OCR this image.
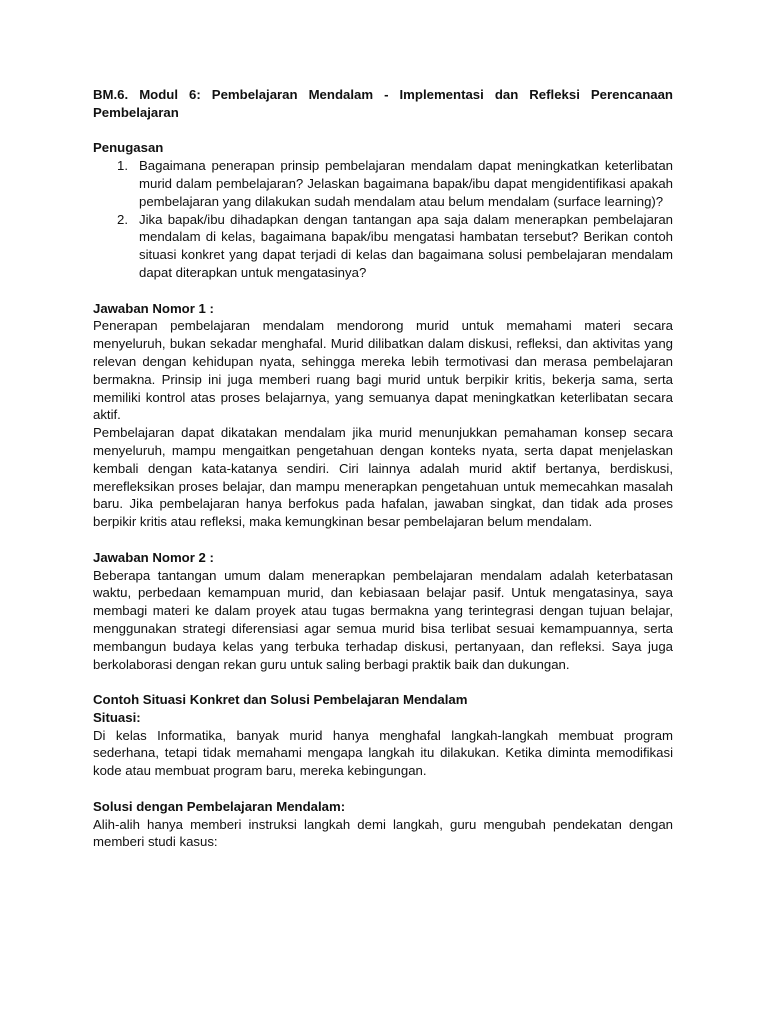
BM.6. Modul 6: Pembelajaran Mendalam - Implementasi dan Refleksi Perencanaan Pembelajaran

Penugasan

1. Bagaimana penerapan prinsip pembelajaran mendalam dapat meningkatkan keterlibatan murid dalam pembelajaran? Jelaskan bagaimana bapak/ibu dapat mengidentifikasi apakah pembelajaran yang dilakukan sudah mendalam atau belum mendalam (surface learning)?
2. Jika bapak/ibu dihadapkan dengan tantangan apa saja dalam menerapkan pembelajaran mendalam di kelas, bagaimana bapak/ibu mengatasi hambatan tersebut? Berikan contoh situasi konkret yang dapat terjadi di kelas dan bagaimana solusi pembelajaran mendalam dapat diterapkan untuk mengatasinya?

Jawaban Nomor 1 :

Penerapan pembelajaran mendalam mendorong murid untuk memahami materi secara menyeluruh, bukan sekadar menghafal. Murid dilibatkan dalam diskusi, refleksi, dan aktivitas yang relevan dengan kehidupan nyata, sehingga mereka lebih termotivasi dan merasa pembelajaran bermakna. Prinsip ini juga memberi ruang bagi murid untuk berpikir kritis, bekerja sama, serta memiliki kontrol atas proses belajarnya, yang semuanya dapat meningkatkan keterlibatan secara aktif.

Pembelajaran dapat dikatakan mendalam jika murid menunjukkan pemahaman konsep secara menyeluruh, mampu mengaitkan pengetahuan dengan konteks nyata, serta dapat menjelaskan kembali dengan kata-katanya sendiri. Ciri lainnya adalah murid aktif bertanya, berdiskusi, merefleksikan proses belajar, dan mampu menerapkan pengetahuan untuk memecahkan masalah baru. Jika pembelajaran hanya berfokus pada hafalan, jawaban singkat, dan tidak ada proses berpikir kritis atau refleksi, maka kemungkinan besar pembelajaran belum mendalam.

Jawaban Nomor 2 :

Beberapa tantangan umum dalam menerapkan pembelajaran mendalam adalah keterbatasan waktu, perbedaan kemampuan murid, dan kebiasaan belajar pasif. Untuk mengatasinya, saya membagi materi ke dalam proyek atau tugas bermakna yang terintegrasi dengan tujuan belajar, menggunakan strategi diferensiasi agar semua murid bisa terlibat sesuai kemampuannya, serta membangun budaya kelas yang terbuka terhadap diskusi, pertanyaan, dan refleksi. Saya juga berkolaborasi dengan rekan guru untuk saling berbagi praktik baik dan dukungan.

Contoh Situasi Konkret dan Solusi Pembelajaran Mendalam

Situasi:

Di kelas Informatika, banyak murid hanya menghafal langkah-langkah membuat program sederhana, tetapi tidak memahami mengapa langkah itu dilakukan. Ketika diminta memodifikasi kode atau membuat program baru, mereka kebingungan.

Solusi dengan Pembelajaran Mendalam:

Alih-alih hanya memberi instruksi langkah demi langkah, guru mengubah pendekatan dengan memberi studi kasus:
